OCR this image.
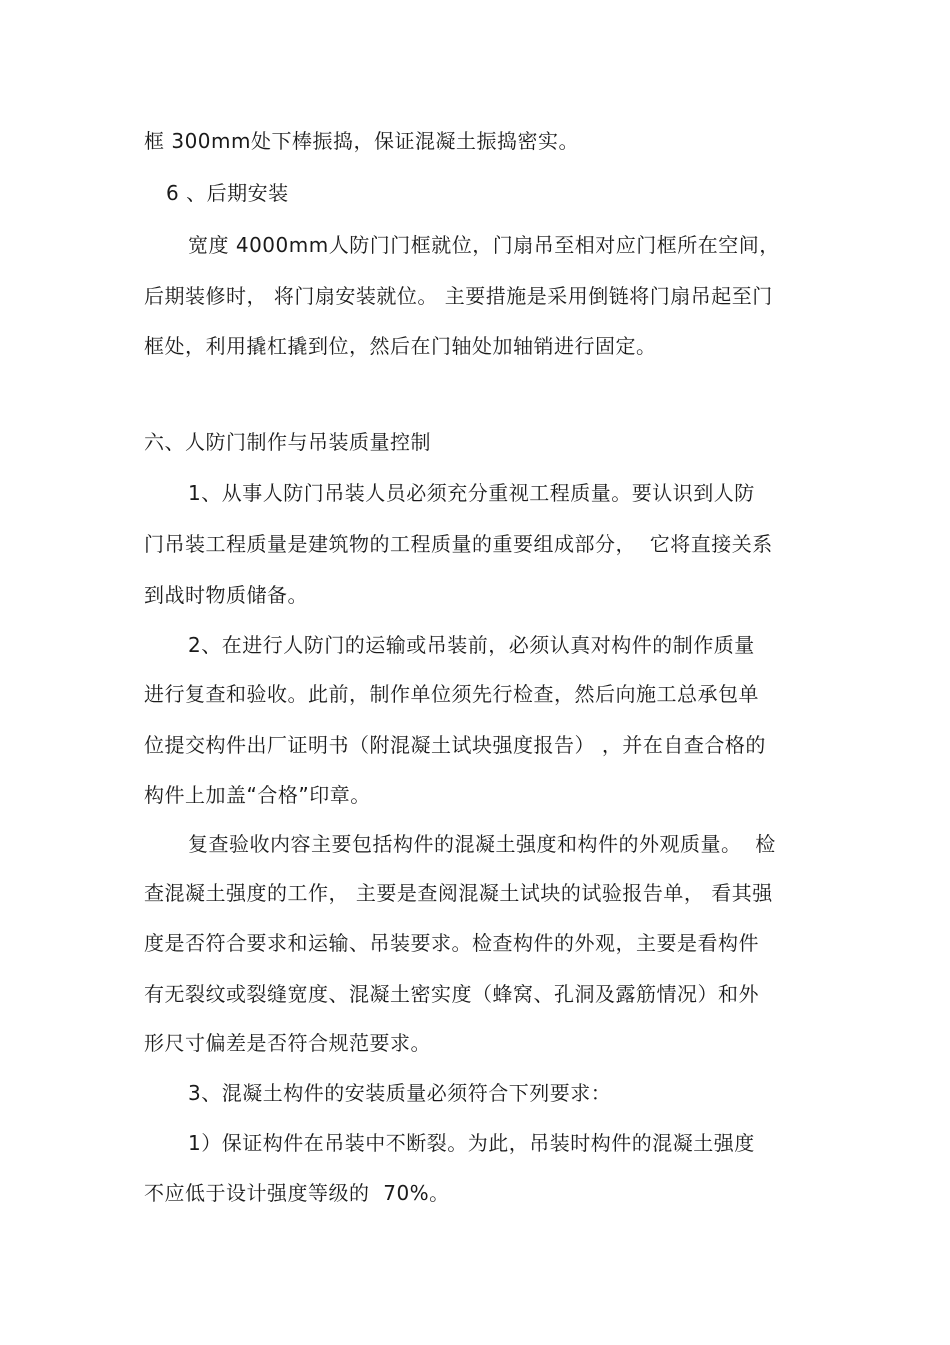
框 300mm处下棒振捣，保证混凝土振捣密实。
6 、后期安装
宽度 4000mm人防门门框就位，门扇吊至相对应门框所在空间，
后期装修时， 将门扇安装就位。 主要措施是采用倒链将门扇吊起至门
框处，利用撬杠撬到位，然后在门轴处加轴销进行固定。
六、人防门制作与吊装质量控制
1、从事人防门吊装人员必须充分重视工程质量。要认识到人防
门吊装工程质量是建筑物的工程质量的重要组成部分，  它将直接关系
到战时物质储备。
2、在进行人防门的运输或吊装前，必须认真对构件的制作质量
进行复查和验收。此前，制作单位须先行检查，然后向施工总承包单
位提交构件出厂证明书（附混凝土试块强度报告） ，并在自查合格的
构件上加盖“合格”印章。
复查验收内容主要包括构件的混凝土强度和构件的外观质量。  检
查混凝土强度的工作， 主要是查阅混凝土试块的试验报告单， 看其强
度是否符合要求和运输、吊装要求。检查构件的外观，主要是看构件
有无裂纹或裂缝宽度、混凝土密实度（蜂窝、孔洞及露筋情况）和外
形尺寸偏差是否符合规范要求。
3、混凝土构件的安装质量必须符合下列要求：
1）保证构件在吊装中不断裂。为此，吊装时构件的混凝土强度
不应低于设计强度等级的  70%。
